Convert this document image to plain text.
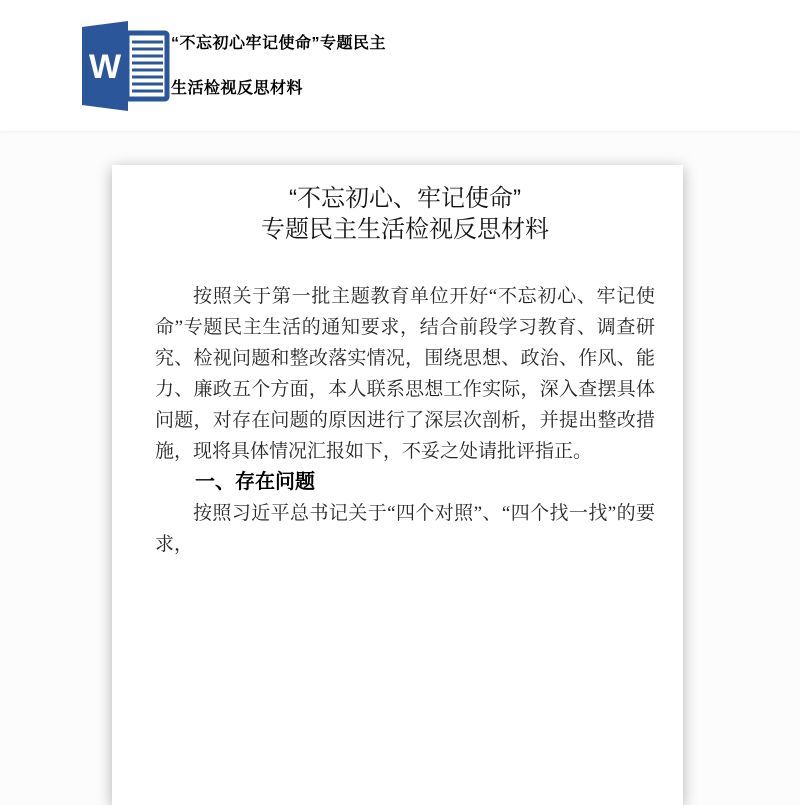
W
“不忘初心牢记使命”专题民主
生活检视反思材料
“不忘初心、牢记使命”
专题民主生活检视反思材料

按照关于第一批主题教育单位开好“不忘初心、牢记使命”专题民主生活的通知要求，结合前段学习教育、调查研究、检视问题和整改落实情况，围绕思想、政治、作风、能力、廉政五个方面，本人联系思想工作实际，深入查摆具体问题，对存在问题的原因进行了深层次剖析，并提出整改措施，现将具体情况汇报如下，不妥之处请批评指正。

一、存在问题

按照习近平总书记关于“四个对照”、“四个找一找”的要求，
